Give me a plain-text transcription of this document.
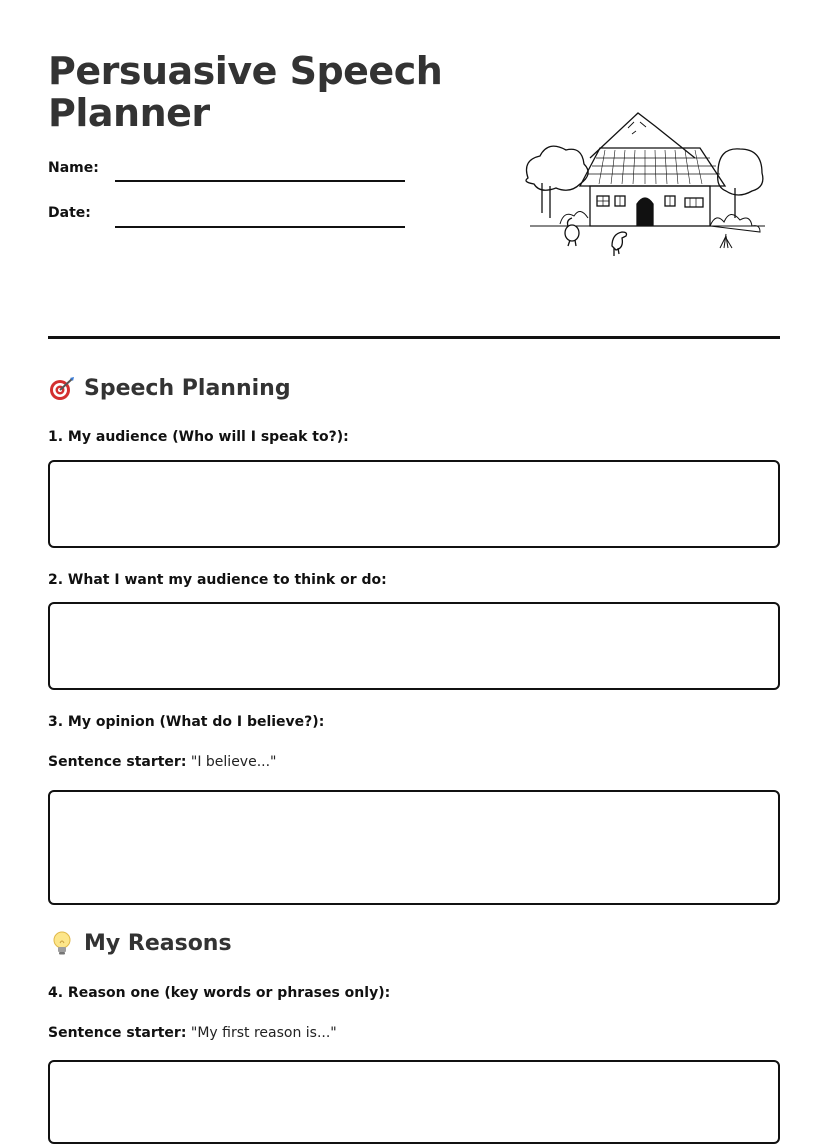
Persuasive Speech Planner
Name:
Date:
Speech Planning
1. My audience (Who will I speak to?):
2. What I want my audience to think or do:
3. My opinion (What do I believe?):
Sentence starter: "I believe..."
My Reasons
4. Reason one (key words or phrases only):
Sentence starter: "My first reason is..."
